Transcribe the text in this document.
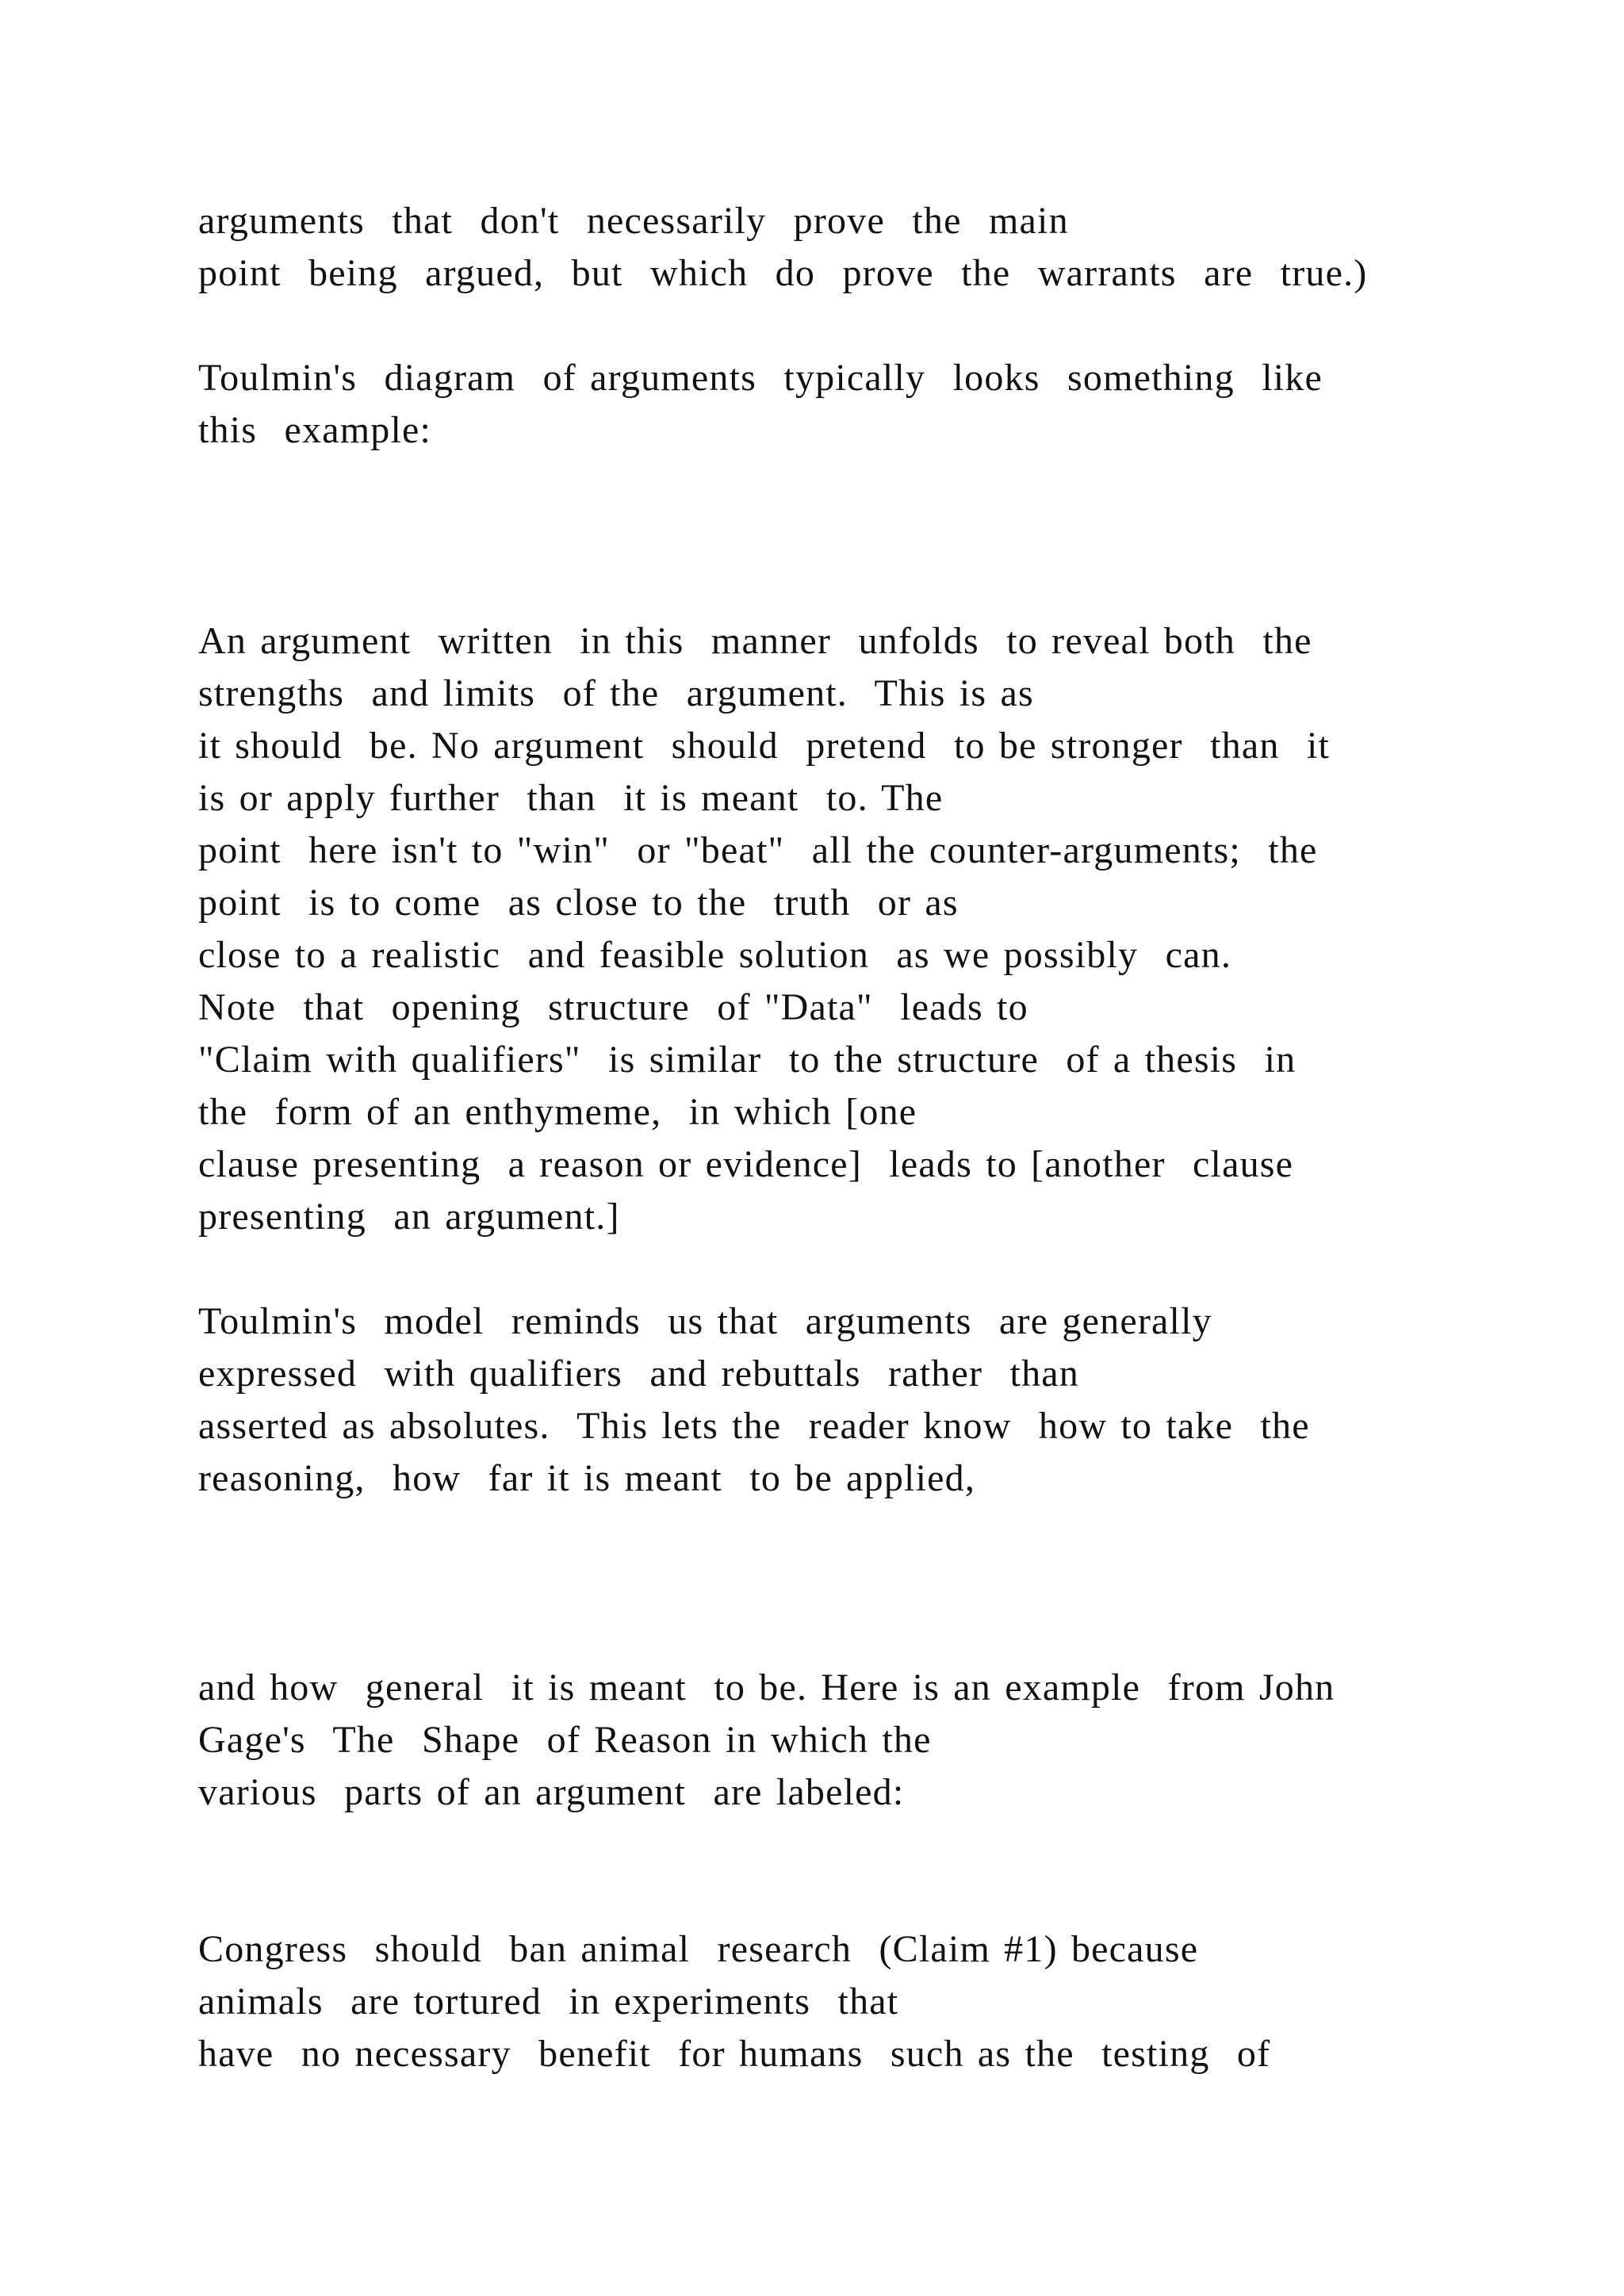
arguments  that  don't  necessarily  prove  the  main

point  being  argued,  but  which  do  prove  the  warrants  are  true.)

Toulmin's  diagram  of arguments  typically  looks  something  like

this  example:

An argument  written  in this  manner  unfolds  to reveal both  the

strengths  and limits  of the  argument.  This is as

it should  be. No argument  should  pretend  to be stronger  than  it

is or apply further  than  it is meant  to. The

point  here isn't to "win"  or "beat"  all the counter-arguments;  the

point  is to come  as close to the  truth  or as

close to a realistic  and feasible solution  as we possibly  can.

Note  that  opening  structure  of "Data"  leads to

"Claim with qualifiers"  is similar  to the structure  of a thesis  in

the  form of an enthymeme,  in which [one

clause presenting  a reason or evidence]  leads to [another  clause

presenting  an argument.]

Toulmin's  model  reminds  us that  arguments  are generally

expressed  with qualifiers  and rebuttals  rather  than

asserted as absolutes.  This lets the  reader know  how to take  the

reasoning,  how  far it is meant  to be applied,

and how  general  it is meant  to be. Here is an example  from John

Gage's  The  Shape  of Reason in which the

various  parts of an argument  are labeled:

Congress  should  ban animal  research  (Claim #1) because

animals  are tortured  in experiments  that

have  no necessary  benefit  for humans  such as the  testing  of
